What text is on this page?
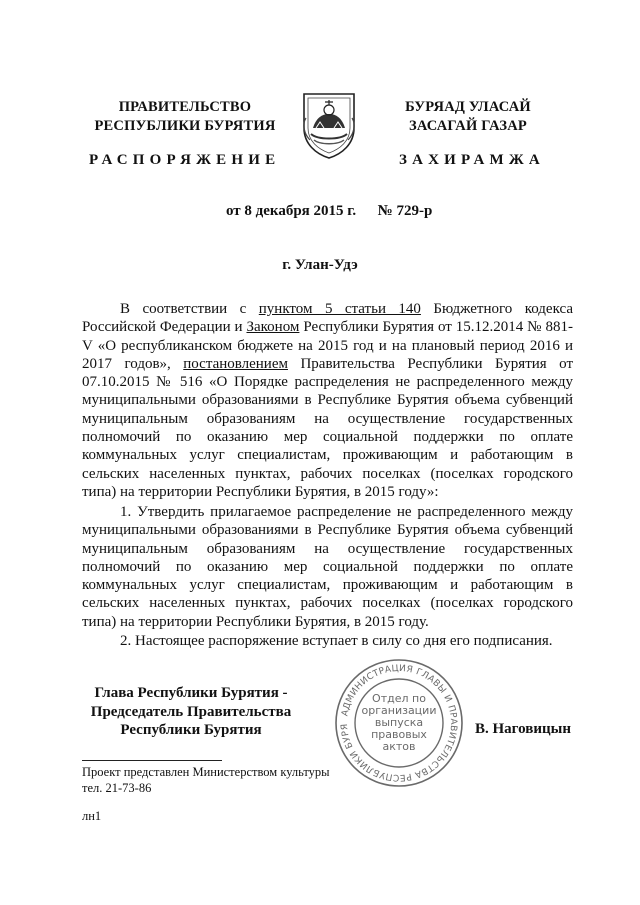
ПРАВИТЕЛЬСТВО
РЕСПУБЛИКИ БУРЯТИЯ
БУРЯАД УЛАСАЙ
ЗАСАГАЙ ГАЗАР
РАСПОРЯЖЕНИЕ	ЗАХИРАМЖА
от 8 декабря 2015 г. № 729-р
г. Улан-Удэ
В соответствии с пунктом 5 статьи 140 Бюджетного кодекса Российской Федерации и Законом Республики Бурятия от 15.12.2014 № 881-V «О республиканском бюджете на 2015 год и на плановый период 2016 и 2017 годов», постановлением Правительства Республики Бурятия от 07.10.2015 № 516 «О Порядке распределения не распределенного между муниципальными образованиями в Республике Бурятия объема субвенций муниципальным образованиям на осуществление государственных полномочий по оказанию мер социальной поддержки по оплате коммунальных услуг специалистам, проживающим и работающим в сельских населенных пунктах, рабочих поселках (поселках городского типа) на территории Республики Бурятия, в 2015 году»:
1. Утвердить прилагаемое распределение не распределенного между муниципальными образованиями в Республике Бурятия объема субвенций муниципальным образованиям на осуществление государственных полномочий по оказанию мер социальной поддержки по оплате коммунальных услуг специалистам, проживающим и работающим в сельских населенных пунктах, рабочих поселках (поселках городского типа) на территории Республики Бурятия, в 2015 году.
2. Настоящее распоряжение вступает в силу со дня его подписания.
Глава Республики Бурятия -
Председатель Правительства
Республики Бурятия
АДМИНИСТРАЦИЯ ГЛАВЫ И ПРАВИТЕЛЬСТВА РЕСПУБЛИКИ БУРЯ
Отдел по
организации
выпуска
правовых
актов
В. Наговицын
Проект представлен Министерством культуры
тел. 21-73-86
лн1
